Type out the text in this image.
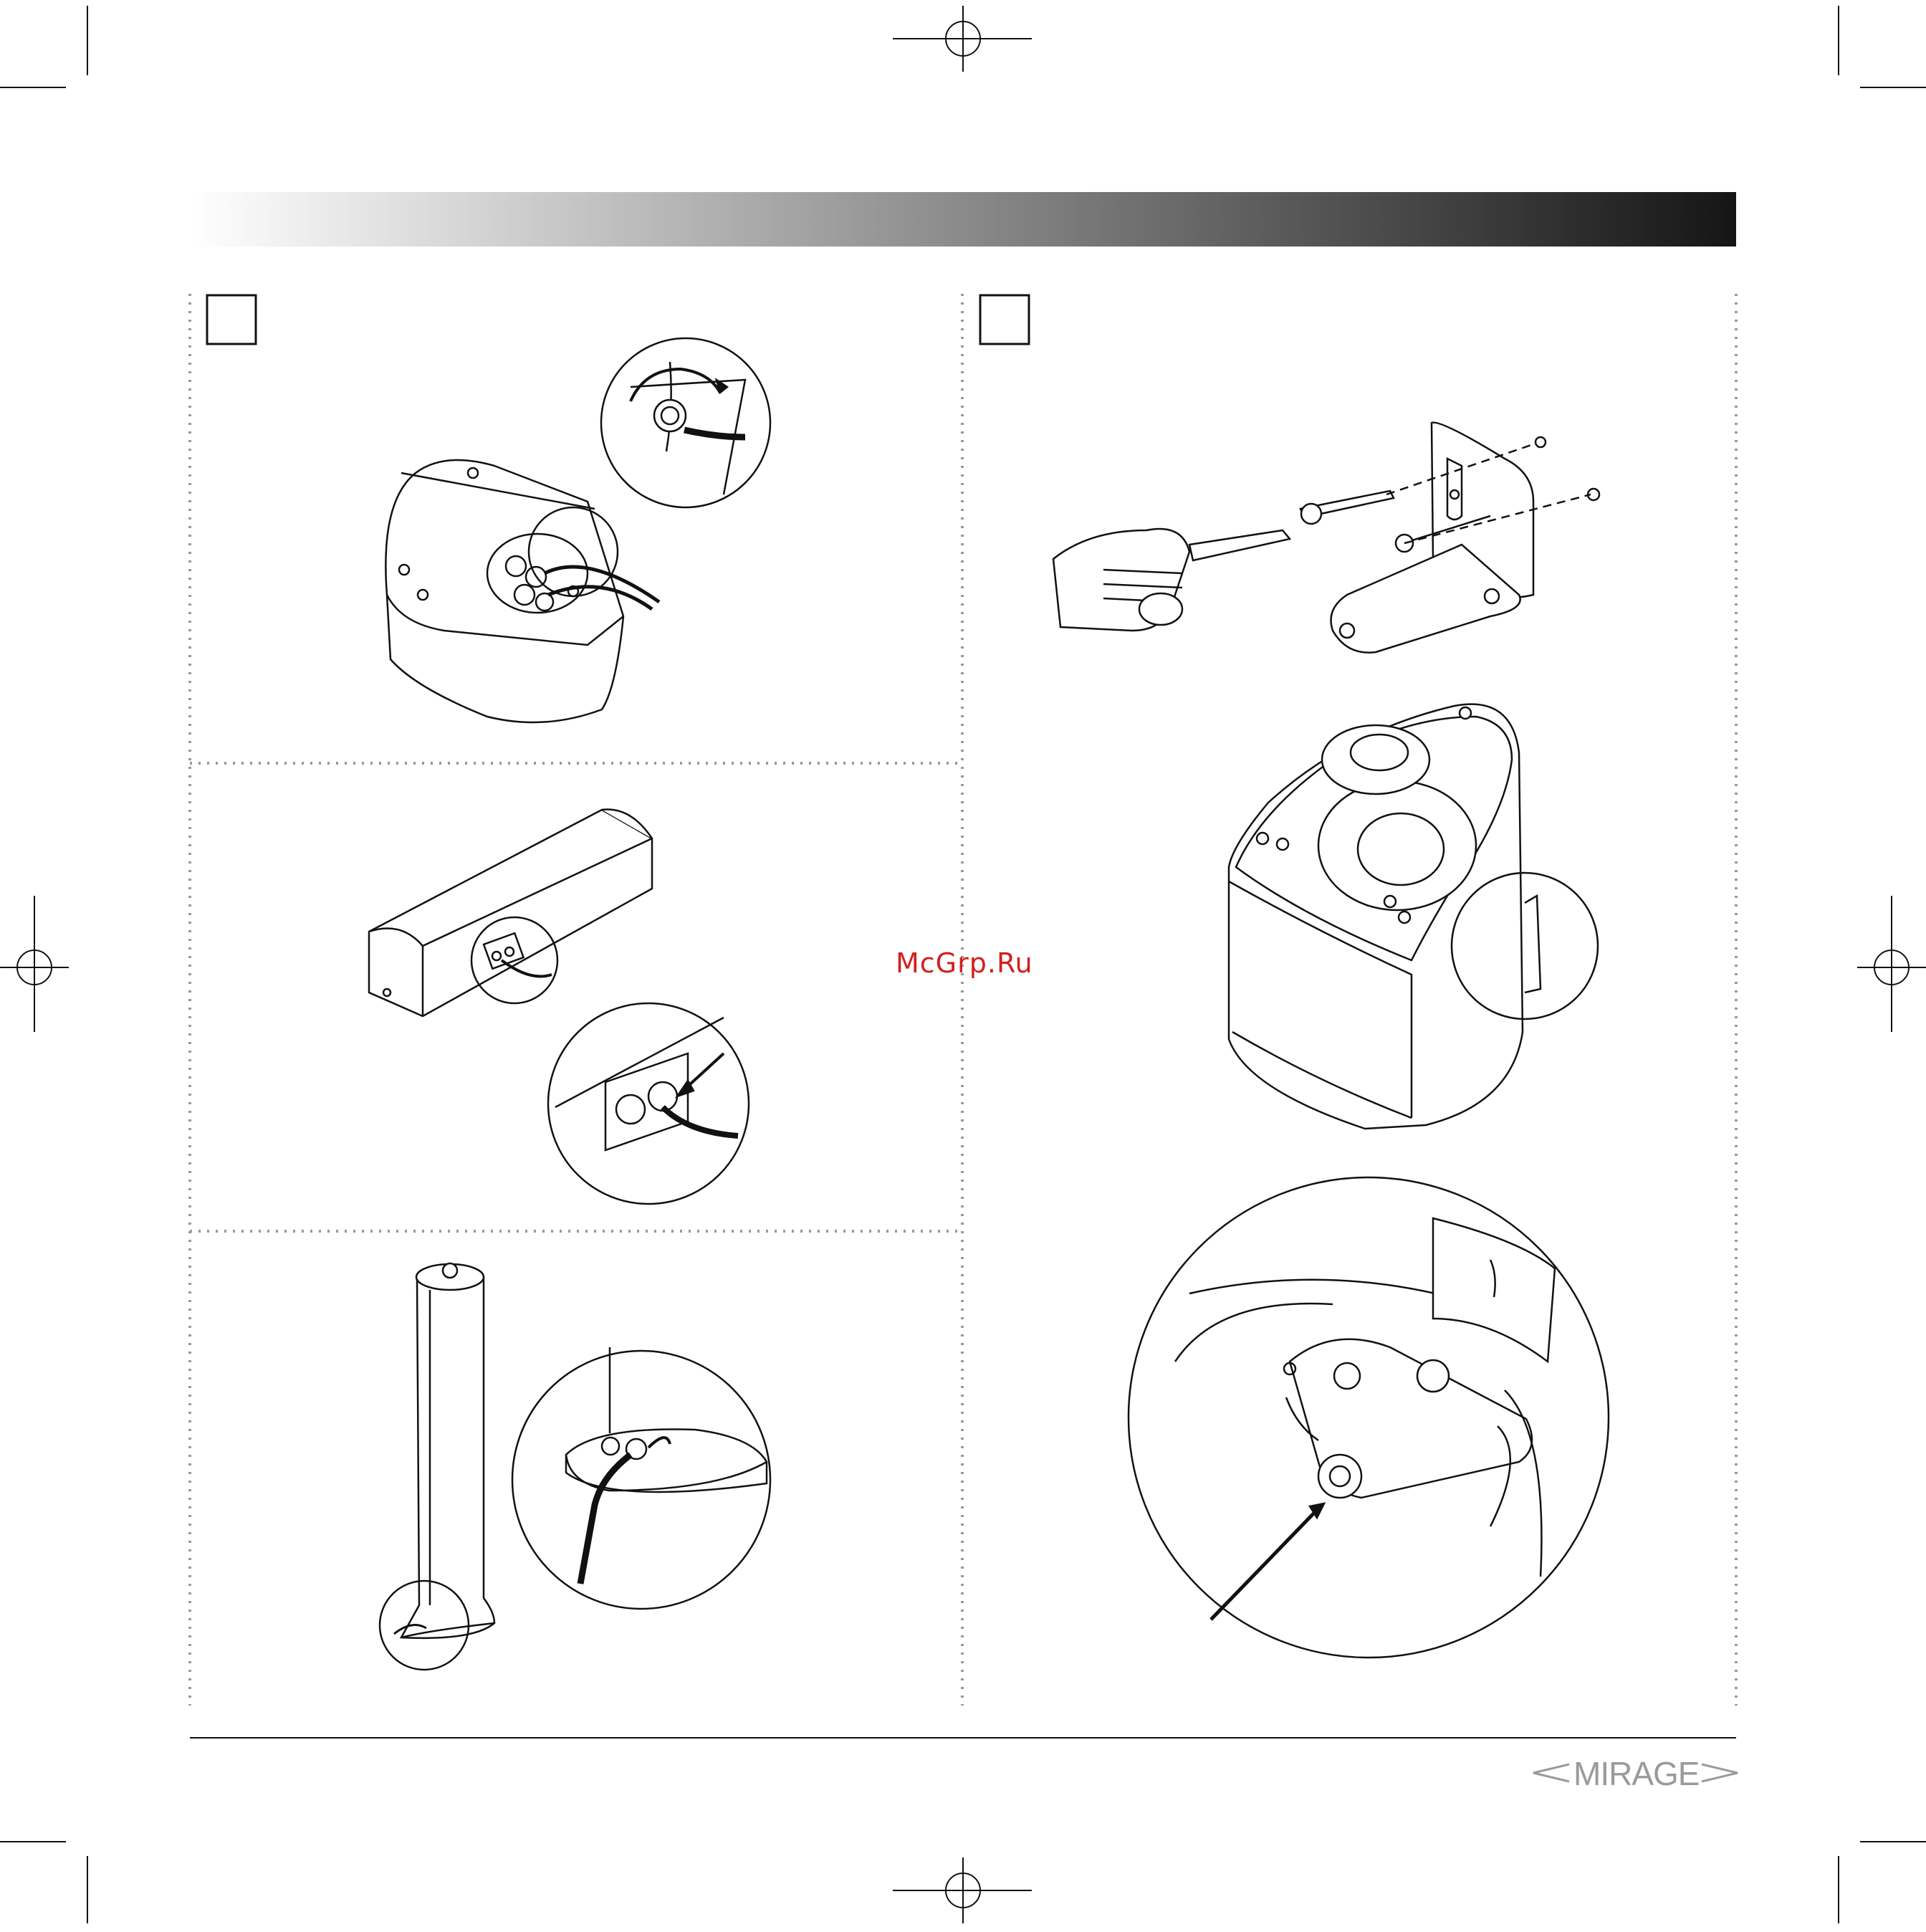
McGrp.Ru
MIRAGE
